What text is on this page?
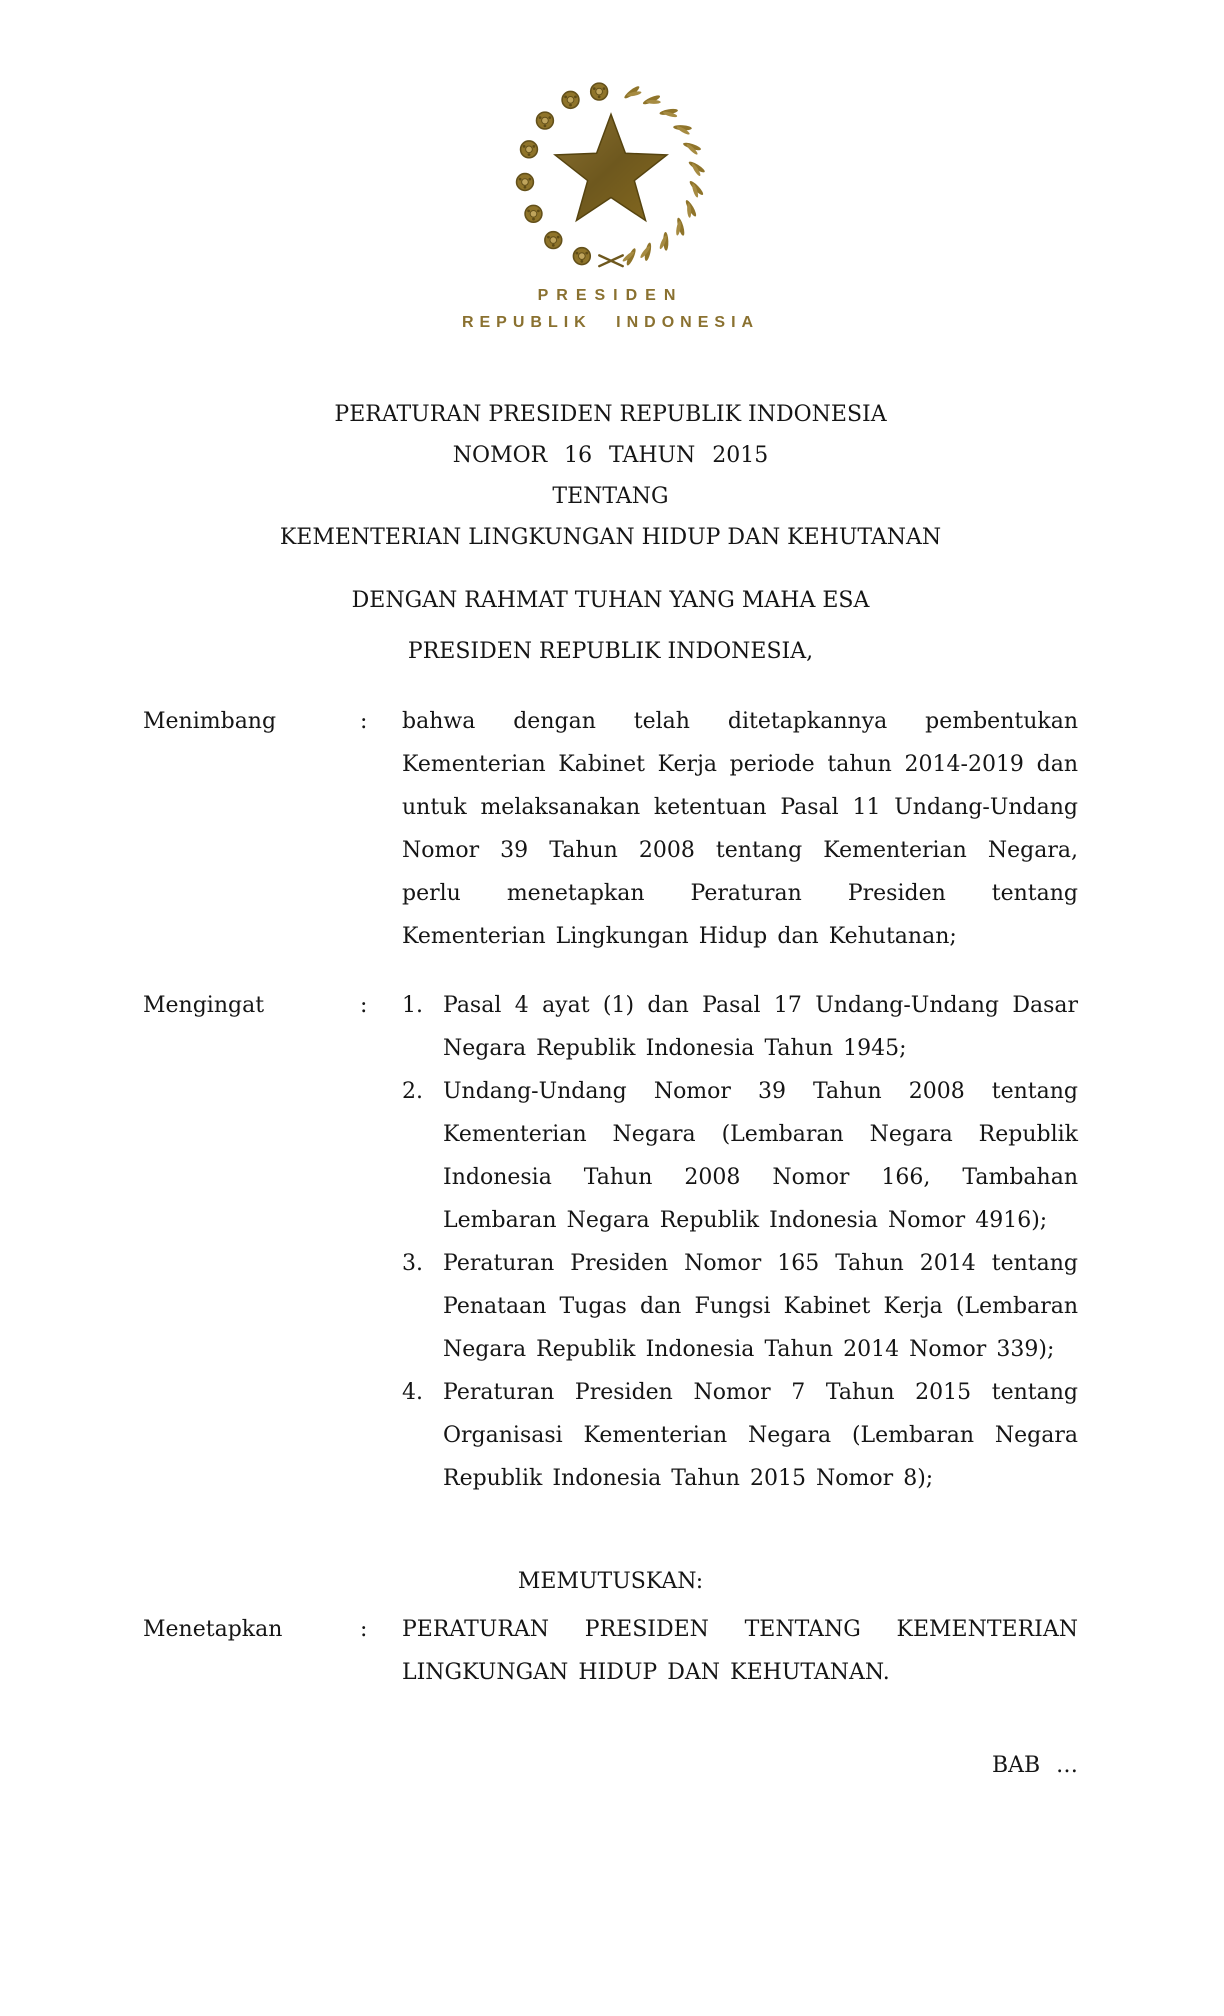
PRESIDEN
REPUBLIK INDONESIA
PERATURAN PRESIDEN REPUBLIK INDONESIA
NOMOR 16 TAHUN 2015
TENTANG
KEMENTERIAN LINGKUNGAN HIDUP DAN KEHUTANAN
DENGAN RAHMAT TUHAN YANG MAHA ESA
PRESIDEN REPUBLIK INDONESIA,
Menimbang	:	bahwa dengan telah ditetapkannya pembentukan Kementerian Kabinet Kerja periode tahun 2014-2019 dan untuk melaksanakan ketentuan Pasal 11 Undang-Undang Nomor 39 Tahun 2008 tentang Kementerian Negara, perlu menetapkan Peraturan Presiden tentang Kementerian Lingkungan Hidup dan Kehutanan;
Mengingat	:	1. Pasal 4 ayat (1) dan Pasal 17 Undang-Undang Dasar Negara Republik Indonesia Tahun 1945;
2. Undang-Undang Nomor 39 Tahun 2008 tentang Kementerian Negara (Lembaran Negara Republik Indonesia Tahun 2008 Nomor 166, Tambahan Lembaran Negara Republik Indonesia Nomor 4916);
3. Peraturan Presiden Nomor 165 Tahun 2014 tentang Penataan Tugas dan Fungsi Kabinet Kerja (Lembaran Negara Republik Indonesia Tahun 2014 Nomor 339);
4. Peraturan Presiden Nomor 7 Tahun 2015 tentang Organisasi Kementerian Negara (Lembaran Negara Republik Indonesia Tahun 2015 Nomor 8);
MEMUTUSKAN:
Menetapkan	:	PERATURAN PRESIDEN TENTANG KEMENTERIAN LINGKUNGAN HIDUP DAN KEHUTANAN.
BAB …
